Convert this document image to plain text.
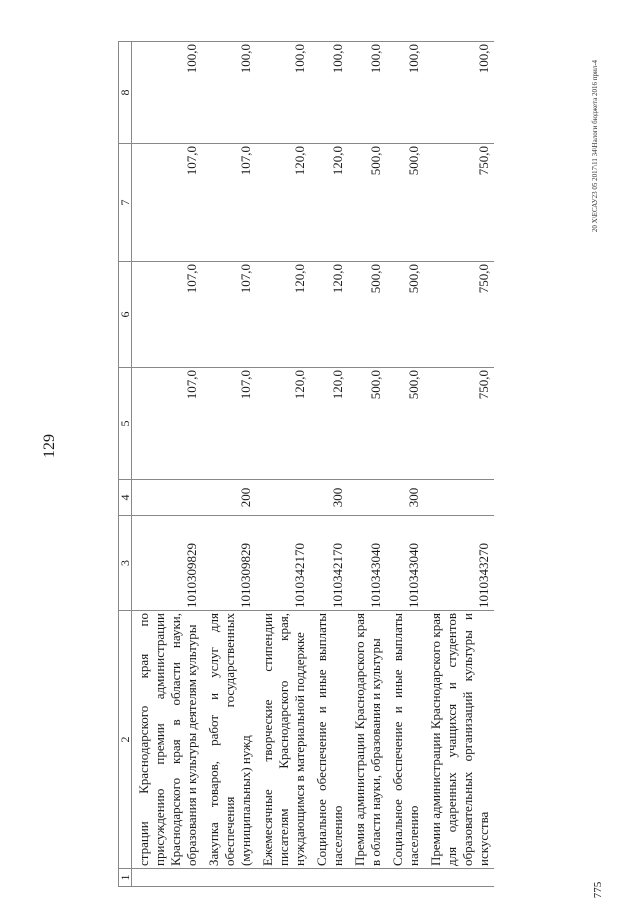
129
20 X\ЕСАУ23 05 2017\11 34\Налоги бюджета 2016 прил-4
775
1	2	3	4	5	6	7	8
	страции Краснодарского края по присуждению премии администрации Краснодарского края в области науки, образования и культуры деятелям культуры	1010309829		107,0	107,0	107,0	100,0
	Закупка товаров, работ и услуг для обеспечения государственных (муниципальных) нужд	1010309829	200	107,0	107,0	107,0	100,0
	Ежемесячные творческие стипендии писателям Краснодарского края, нуждающимся в материальной поддержке	1010342170		120,0	120,0	120,0	100,0
	Социальное обеспечение и иные выплаты населению	1010342170	300	120,0	120,0	120,0	100,0
	Премия администрации Краснодарского края в области науки, образования и культуры	1010343040		500,0	500,0	500,0	100,0
	Социальное обеспечение и иные выплаты населению	1010343040	300	500,0	500,0	500,0	100,0
	Премии администрации Краснодарского края для одаренных учащихся и студентов образовательных организаций культуры и искусства	1010343270		750,0	750,0	750,0	100,0
